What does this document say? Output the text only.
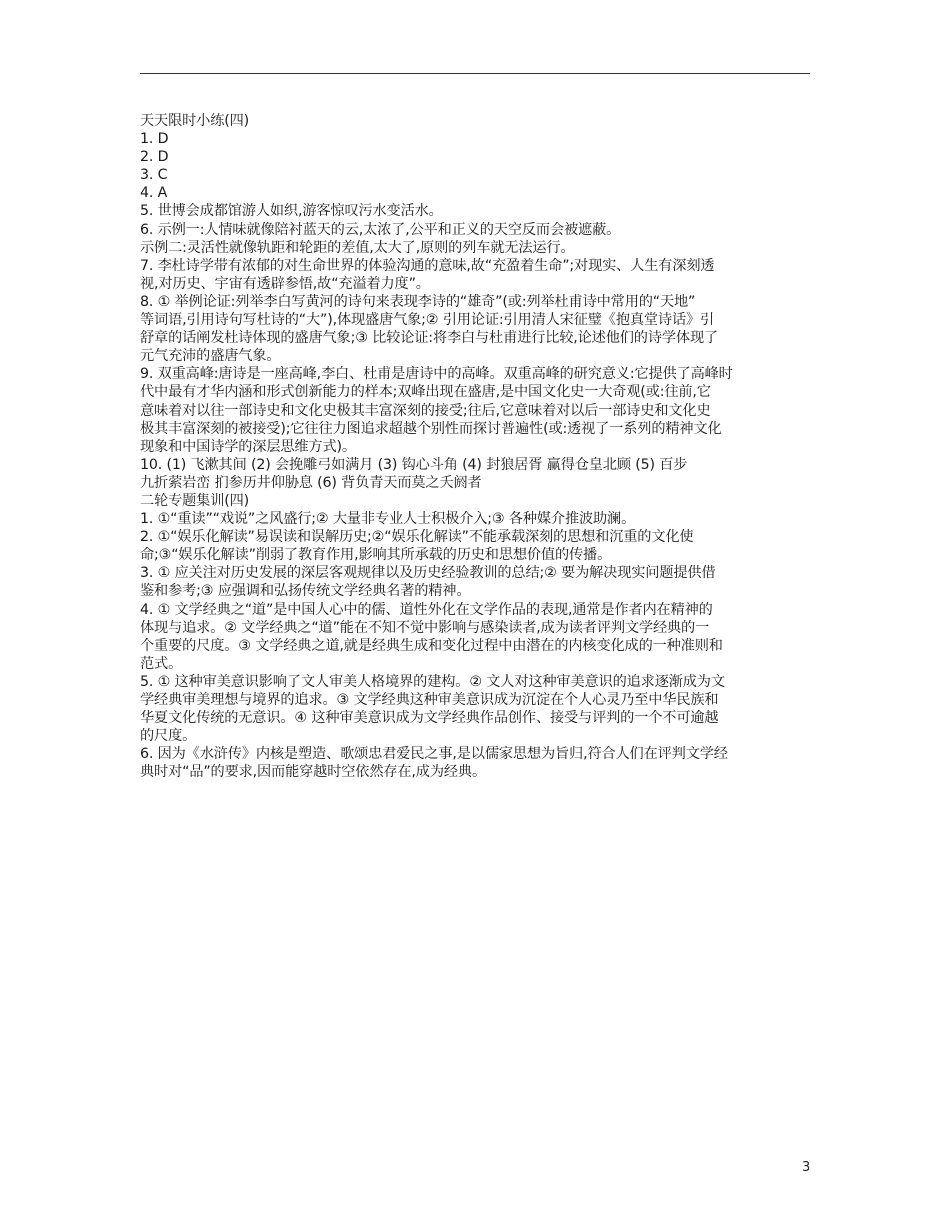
天天限时小练(四)
1. D
2. D
3. C
4. A
5. 世博会成都馆游人如织,游客惊叹污水变活水。
6. 示例一:人情味就像陪衬蓝天的云,太浓了,公平和正义的天空反而会被遮蔽。
示例二:灵活性就像轨距和轮距的差值,太大了,原则的列车就无法运行。
7. 李杜诗学带有浓郁的对生命世界的体验沟通的意味,故“充盈着生命”;对现实、人生有深刻透
视,对历史、宇宙有透辟参悟,故“充溢着力度”。
8. ① 举例论证:列举李白写黄河的诗句来表现李诗的“雄奇”(或:列举杜甫诗中常用的“天地”
等词语,引用诗句写杜诗的“大”),体现盛唐气象;② 引用论证:引用清人宋征璧《抱真堂诗话》引
舒章的话阐发杜诗体现的盛唐气象;③ 比较论证:将李白与杜甫进行比较,论述他们的诗学体现了
元气充沛的盛唐气象。
9. 双重高峰:唐诗是一座高峰,李白、杜甫是唐诗中的高峰。双重高峰的研究意义:它提供了高峰时
代中最有才华内涵和形式创新能力的样本;双峰出现在盛唐,是中国文化史一大奇观(或:往前,它
意味着对以往一部诗史和文化史极其丰富深刻的接受;往后,它意味着对以后一部诗史和文化史
极其丰富深刻的被接受);它往往力图追求超越个别性而探讨普遍性(或:透视了一系列的精神文化
现象和中国诗学的深层思维方式)。
10. (1) 飞漱其间 (2) 会挽雕弓如满月 (3) 钩心斗角 (4) 封狼居胥 赢得仓皇北顾 (5) 百步
九折萦岩峦 扪参历井仰胁息 (6) 背负青天而莫之夭阏者
二轮专题集训(四)
1. ①“重读”“戏说”之风盛行;② 大量非专业人士积极介入;③ 各种媒介推波助澜。
2. ①“娱乐化解读”易误读和误解历史;②“娱乐化解读”不能承载深刻的思想和沉重的文化使
命;③“娱乐化解读”削弱了教育作用,影响其所承载的历史和思想价值的传播。
3. ① 应关注对历史发展的深层客观规律以及历史经验教训的总结;② 要为解决现实问题提供借
鉴和参考;③ 应强调和弘扬传统文学经典名著的精神。
4. ① 文学经典之“道”是中国人心中的儒、道性外化在文学作品的表现,通常是作者内在精神的
体现与追求。② 文学经典之“道”能在不知不觉中影响与感染读者,成为读者评判文学经典的一
个重要的尺度。③ 文学经典之道,就是经典生成和变化过程中由潜在的内核变化成的一种准则和
范式。
5. ① 这种审美意识影响了文人审美人格境界的建构。② 文人对这种审美意识的追求逐渐成为文
学经典审美理想与境界的追求。③ 文学经典这种审美意识成为沉淀在个人心灵乃至中华民族和
华夏文化传统的无意识。④ 这种审美意识成为文学经典作品创作、接受与评判的一个不可逾越
的尺度。
6. 因为《水浒传》内核是塑造、歌颂忠君爱民之事,是以儒家思想为旨归,符合人们在评判文学经
典时对“品”的要求,因而能穿越时空依然存在,成为经典。
3
